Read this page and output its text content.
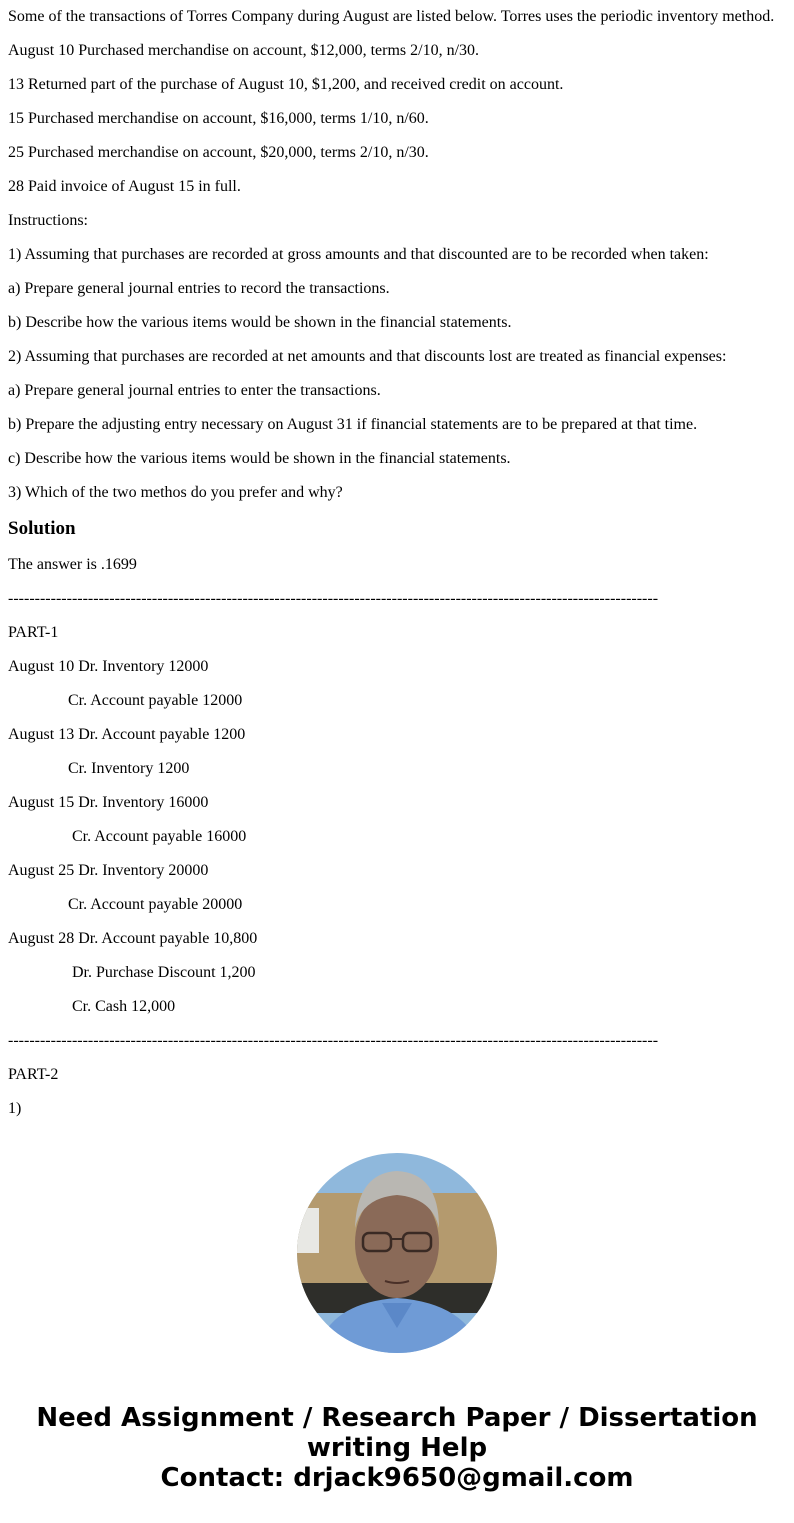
Some of the transactions of Torres Company during August are listed below. Torres uses the periodic inventory method.

August 10 Purchased merchandise on account, $12,000, terms 2/10, n/30.

13 Returned part of the purchase of August 10, $1,200, and received credit on account.

15 Purchased merchandise on account, $16,000, terms 1/10, n/60.

25 Purchased merchandise on account, $20,000, terms 2/10, n/30.

28 Paid invoice of August 15 in full.

Instructions:

1) Assuming that purchases are recorded at gross amounts and that discounted are to be recorded when taken:

a) Prepare general journal entries to record the transactions.

b) Describe how the various items would be shown in the financial statements.

2) Assuming that purchases are recorded at net amounts and that discounts lost are treated as financial expenses:

a) Prepare general journal entries to enter the transactions.

b) Prepare the adjusting entry necessary on August 31 if financial statements are to be prepared at that time.

c) Describe how the various items would be shown in the financial statements.

3) Which of the two methos do you prefer and why?

Solution

The answer is .1699

--------------------------------------------------------------------------------------------------------------------------

PART-1

August 10 Dr. Inventory 12000

Cr. Account payable 12000

August 13 Dr. Account payable 1200

Cr. Inventory 1200

August 15 Dr. Inventory 16000

Cr. Account payable 16000

August 25 Dr. Inventory 20000

Cr. Account payable 20000

August 28 Dr. Account payable 10,800

Dr. Purchase Discount 1,200

Cr. Cash 12,000

--------------------------------------------------------------------------------------------------------------------------

PART-2

1)

Need Assignment / Research Paper / Dissertation writing Help
Contact: drjack9650@gmail.com
